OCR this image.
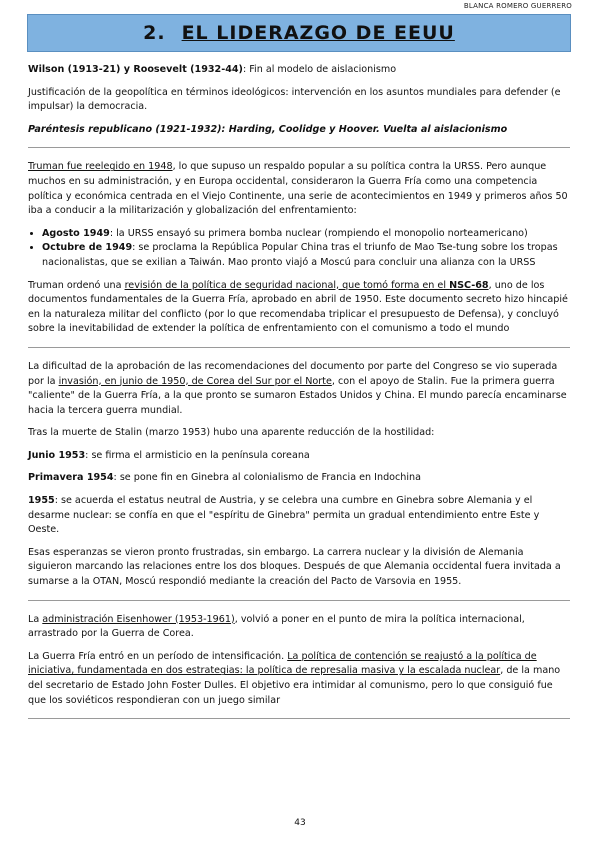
BLANCA ROMERO GUERRERO
2. EL LIDERAZGO DE EEUU

Wilson (1913-21) y Roosevelt (1932-44): Fin al modelo de aislacionismo

Justificación de la geopolítica en términos ideológicos: intervención en los asuntos mundiales para defender (e impulsar) la democracia.

Paréntesis republicano (1921-1932): Harding, Coolidge y Hoover. Vuelta al aislacionismo

Truman fue reelegido en 1948, lo que supuso un respaldo popular a su política contra la URSS. Pero aunque muchos en su administración, y en Europa occidental, consideraron la Guerra Fría como una competencia política y económica centrada en el Viejo Continente, una serie de acontecimientos en 1949 y primeros años 50 iba a conducir a la militarización y globalización del enfrentamiento:

• Agosto 1949: la URSS ensayó su primera bomba nuclear (rompiendo el monopolio norteamericano)
• Octubre de 1949: se proclama la República Popular China tras el triunfo de Mao Tse-tung sobre los tropas nacionalistas, que se exilian a Taiwán. Mao pronto viajó a Moscú para concluir una alianza con la URSS

Truman ordenó una revisión de la política de seguridad nacional, que tomó forma en el NSC-68, uno de los documentos fundamentales de la Guerra Fría, aprobado en abril de 1950. Este documento secreto hizo hincapié en la naturaleza militar del conflicto (por lo que recomendaba triplicar el presupuesto de Defensa), y concluyó sobre la inevitabilidad de extender la política de enfrentamiento con el comunismo a todo el mundo

La dificultad de la aprobación de las recomendaciones del documento por parte del Congreso se vio superada por la invasión, en junio de 1950, de Corea del Sur por el Norte, con el apoyo de Stalin. Fue la primera guerra "caliente" de la Guerra Fría, a la que pronto se sumaron Estados Unidos y China. El mundo parecía encaminarse hacia la tercera guerra mundial.

Tras la muerte de Stalin (marzo 1953) hubo una aparente reducción de la hostilidad:

Junio 1953: se firma el armisticio en la península coreana

Primavera 1954: se pone fin en Ginebra al colonialismo de Francia en Indochina

1955: se acuerda el estatus neutral de Austria, y se celebra una cumbre en Ginebra sobre Alemania y el desarme nuclear: se confía en que el "espíritu de Ginebra" permita un gradual entendimiento entre Este y Oeste.

Esas esperanzas se vieron pronto frustradas, sin embargo. La carrera nuclear y la división de Alemania siguieron marcando las relaciones entre los dos bloques. Después de que Alemania occidental fuera invitada a sumarse a la OTAN, Moscú respondió mediante la creación del Pacto de Varsovia en 1955.

La administración Eisenhower (1953-1961), volvió a poner en el punto de mira la política internacional, arrastrado por la Guerra de Corea.

La Guerra Fría entró en un período de intensificación. La política de contención se reajustó a la política de iniciativa, fundamentada en dos estrategias: la política de represalia masiva y la escalada nuclear, de la mano del secretario de Estado John Foster Dulles. El objetivo era intimidar al comunismo, pero lo que consiguió fue que los soviéticos respondieran con un juego similar

43
